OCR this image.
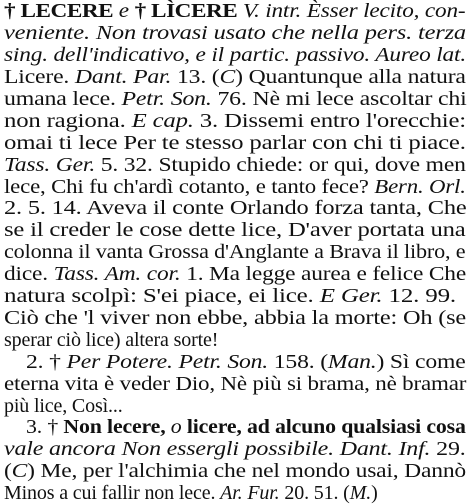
† LECERE e † LÌCERE V. intr. Èsser lecito, con-
veniente. Non trovasi usato che nella pers. terza
sing. dell'indicativo, e il partic. passivo. Aureo lat.
Licere. Dant. Par. 13. (C) Quantunque alla natura
umana lece. Petr. Son. 76. Nè mi lece ascoltar chi
non ragiona. E cap. 3. Dissemi entro l'orecchie:
omai ti lece Per te stesso parlar con chi ti piace.
Tass. Ger. 5. 32. Stupido chiede: or qui, dove men
lece, Chi fu ch'ardì cotanto, e tanto fece? Bern. Orl.
2. 5. 14. Aveva il conte Orlando forza tanta, Che
se il creder le cose dette lice, D'aver portata una
colonna il vanta Grossa d'Anglante a Brava il libro, e
dice. Tass. Am. cor. 1. Ma legge aurea e felice Che
natura scolpì: S'ei piace, ei lice. E Ger. 12. 99.
Ciò che 'l viver non ebbe, abbia la morte: Oh (se
sperar ciò lice) altera sorte!
2. † Per Potere. Petr. Son. 158. (Man.) Sì come
eterna vita è veder Dio, Nè più si brama, nè bramar
più lice, Così...
3. † Non lecere, o licere, ad alcuno qualsiasi cosa
vale ancora Non essergli possibile. Dant. Inf. 29.
(C) Me, per l'alchimia che nel mondo usai, Dannò
Minos a cui fallir non lece. Ar. Fur. 20. 51. (M.)
